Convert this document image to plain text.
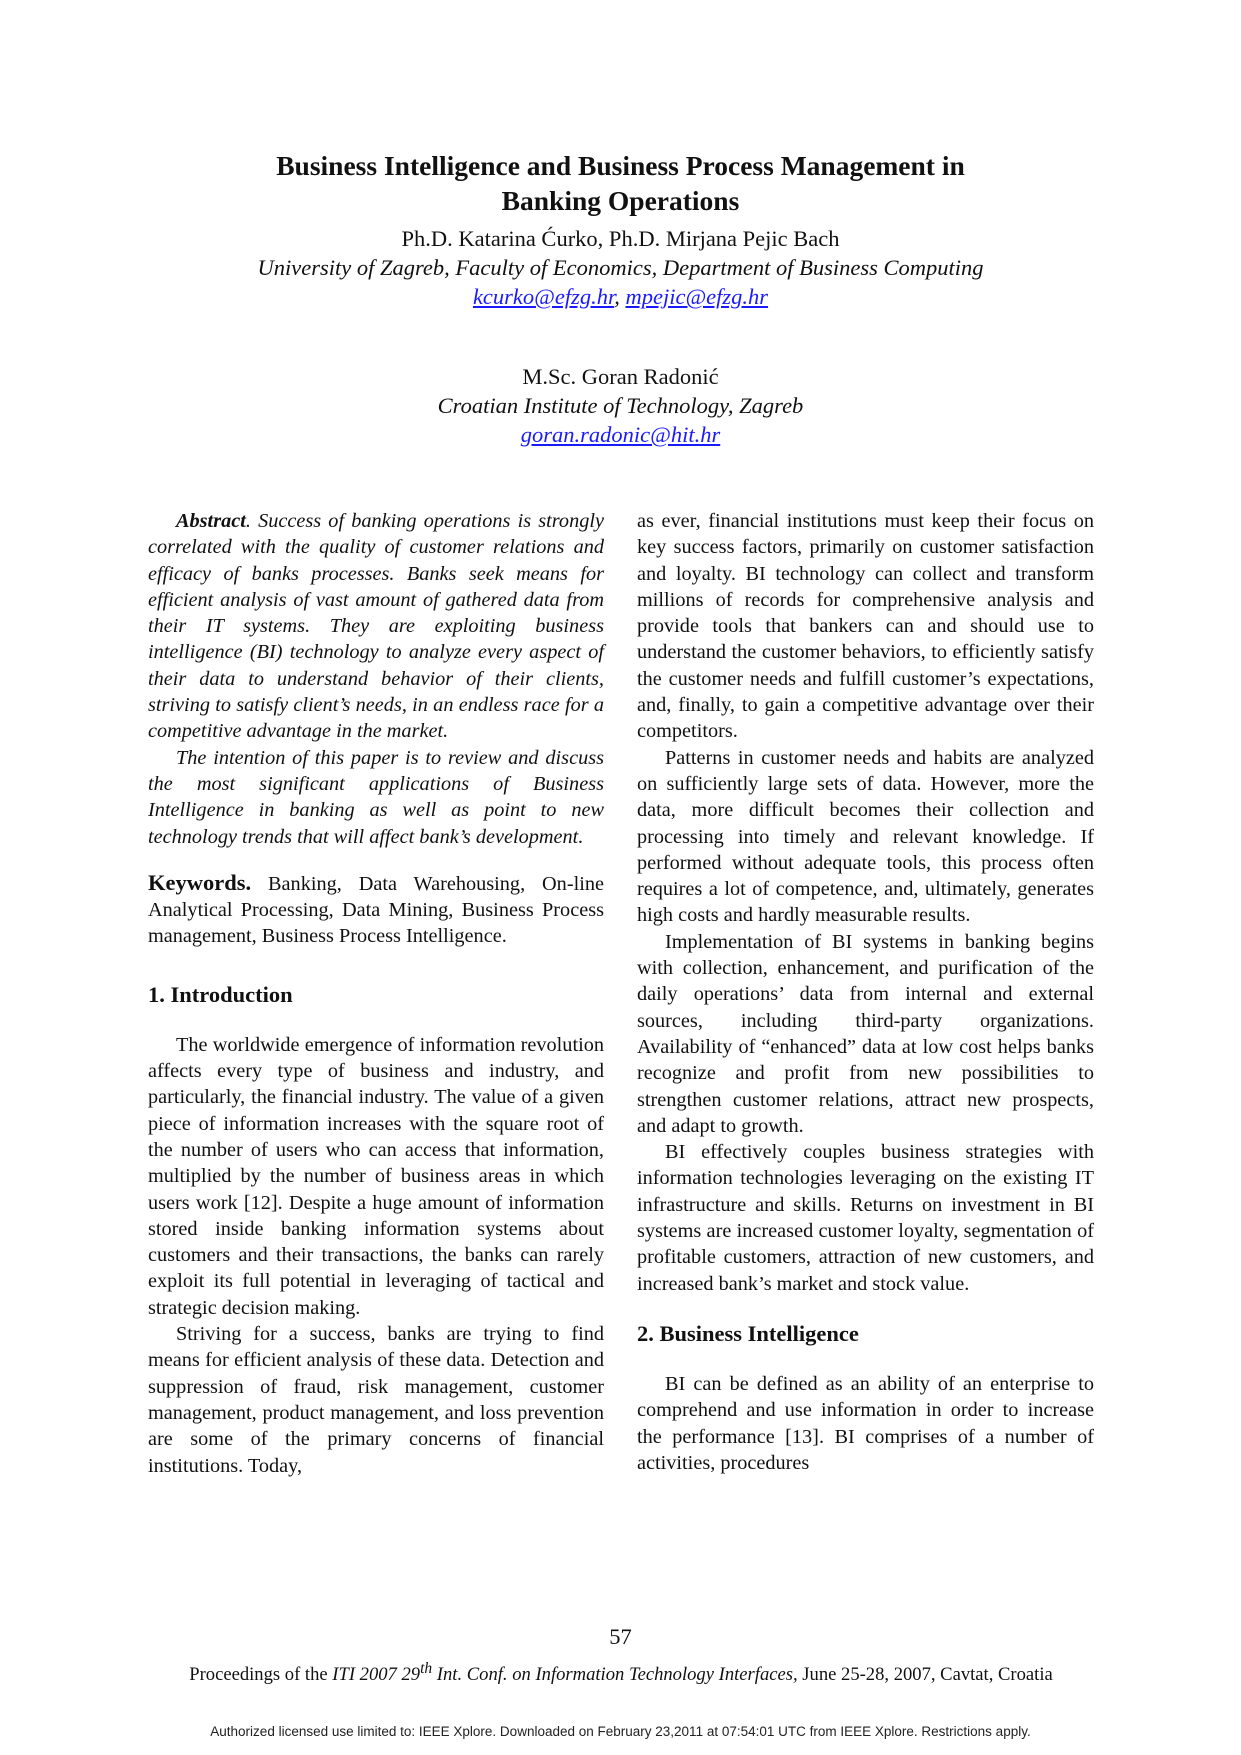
Business Intelligence and Business Process Management in
Banking Operations
Ph.D. Katarina Ćurko, Ph.D. Mirjana Pejic Bach
University of Zagreb, Faculty of Economics, Department of Business Computing
kcurko@efzg.hr, mpejic@efzg.hr
M.Sc. Goran Radonić
Croatian Institute of Technology, Zagreb
goran.radonic@hit.hr

Abstract. Success of banking operations is strongly correlated with the quality of customer relations and efficacy of banks processes. Banks seek means for efficient analysis of vast amount of gathered data from their IT systems. They are exploiting business intelligence (BI) technology to analyze every aspect of their data to understand behavior of their clients, striving to satisfy client’s needs, in an endless race for a competitive advantage in the market.

The intention of this paper is to review and discuss the most significant applications of Business Intelligence in banking as well as point to new technology trends that will affect bank’s development.

Keywords. Banking, Data Warehousing, On-line Analytical Processing, Data Mining, Business Process management, Business Process Intelligence.

1. Introduction

The worldwide emergence of information revolution affects every type of business and industry, and particularly, the financial industry. The value of a given piece of information increases with the square root of the number of users who can access that information, multiplied by the number of business areas in which users work [12]. Despite a huge amount of information stored inside banking information systems about customers and their transactions, the banks can rarely exploit its full potential in leveraging of tactical and strategic decision making.

Striving for a success, banks are trying to find means for efficient analysis of these data. Detection and suppression of fraud, risk management, customer management, product management, and loss prevention are some of the primary concerns of financial institutions. Today,

as ever, financial institutions must keep their focus on key success factors, primarily on customer satisfaction and loyalty. BI technology can collect and transform millions of records for comprehensive analysis and provide tools that bankers can and should use to understand the customer behaviors, to efficiently satisfy the customer needs and fulfill customer’s expectations, and, finally, to gain a competitive advantage over their competitors.

Patterns in customer needs and habits are analyzed on sufficiently large sets of data. However, more the data, more difficult becomes their collection and processing into timely and relevant knowledge. If performed without adequate tools, this process often requires a lot of competence, and, ultimately, generates high costs and hardly measurable results.

Implementation of BI systems in banking begins with collection, enhancement, and purification of the daily operations’ data from internal and external sources, including third-party organizations. Availability of “enhanced” data at low cost helps banks recognize and profit from new possibilities to strengthen customer relations, attract new prospects, and adapt to growth.

BI effectively couples business strategies with information technologies leveraging on the existing IT infrastructure and skills. Returns on investment in BI systems are increased customer loyalty, segmentation of profitable customers, attraction of new customers, and increased bank’s market and stock value.

2. Business Intelligence

BI can be defined as an ability of an enterprise to comprehend and use information in order to increase the performance [13]. BI comprises of a number of activities, procedures

57
Proceedings of the ITI 2007 29th Int. Conf. on Information Technology Interfaces, June 25-28, 2007, Cavtat, Croatia
Authorized licensed use limited to: IEEE Xplore. Downloaded on February 23,2011 at 07:54:01 UTC from IEEE Xplore. Restrictions apply.
